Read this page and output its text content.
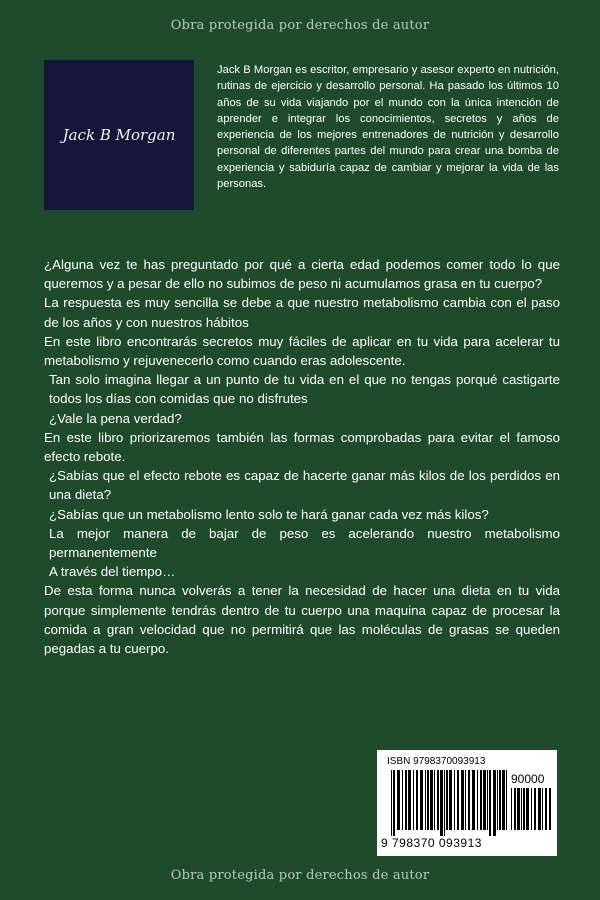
Obra protegida por derechos de autor
Jack B Morgan

Jack B Morgan es escritor, empresario y asesor experto en nutrición, rutinas de ejercicio y desarrollo personal. Ha pasado los últimos 10 años de su vida viajando por el mundo con la única intención de aprender e integrar los conocimientos, secretos y años de experiencia de los mejores entrenadores de nutrición y desarrollo personal de diferentes partes del mundo para crear una bomba de experiencia y sabiduría capaz de cambiar y mejorar la vida de las personas.

¿Alguna vez te has preguntado por qué a cierta edad podemos comer todo lo que queremos y a pesar de ello no subimos de peso ni acumulamos grasa en tu cuerpo?

La respuesta es muy sencilla se debe a que nuestro metabolismo cambia con el paso de los años y con nuestros hábitos

En este libro encontrarás secretos muy fáciles de aplicar en tu vida para acelerar tu metabolismo y rejuvenecerlo como cuando eras adolescente.

Tan solo imagina llegar a un punto de tu vida en el que no tengas porqué castigarte todos los días con comidas que no disfrutes

¿Vale la pena verdad?

En este libro priorizaremos también las formas comprobadas para evitar el famoso efecto rebote.

¿Sabías que el efecto rebote es capaz de hacerte ganar más kilos de los perdidos en una dieta?

¿Sabías que un metabolismo lento solo te hará ganar cada vez más kilos?

La mejor manera de bajar de peso es acelerando nuestro metabolismo permanentemente

A través del tiempo…

De esta forma nunca volverás a tener la necesidad de hacer una dieta en tu vida porque simplemente tendrás dentro de tu cuerpo una maquina capaz de procesar la comida a gran velocidad que no permitirá que las moléculas de grasas se queden pegadas a tu cuerpo.

ISBN 9798370093913
90000
9 798370 093913
Obra protegida por derechos de autor
